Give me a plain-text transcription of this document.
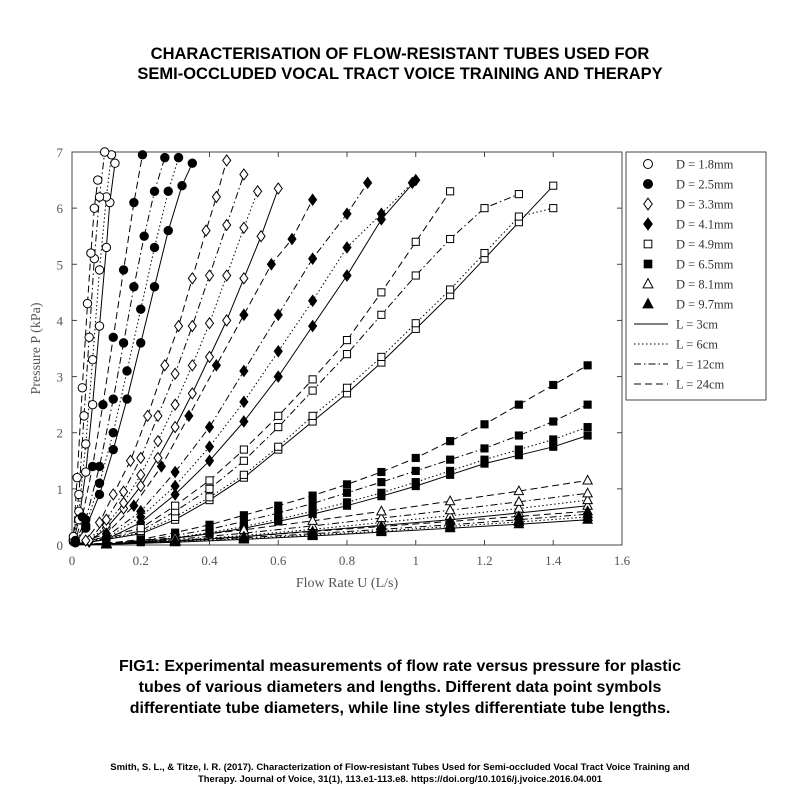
CHARACTERISATION OF FLOW-RESISTANT TUBES USED FOR
SEMI-OCCLUDED VOCAL TRACT VOICE TRAINING AND THERAPY
0	0.2	0.4	0.6	0.8	1	1.2	1.4	1.6
0
1
2
3
4
5
6
7
Flow Rate U (L/s)
Pressure P (kPa)
D = 1.8mm
D = 2.5mm
D = 3.3mm
D = 4.1mm
D = 4.9mm
D = 6.5mm
D = 8.1mm
D = 9.7mm
L = 3cm
L = 6cm
L = 12cm
L = 24cm
FIG1: Experimental measurements of flow rate versus pressure for plastic
tubes of various diameters and lengths. Different data point symbols
differentiate tube diameters, while line styles differentiate tube lengths.
Smith, S. L., & Titze, I. R. (2017). Characterization of Flow-resistant Tubes Used for Semi-occluded Vocal Tract Voice Training and
Therapy. Journal of Voice, 31(1), 113.e1-113.e8. https://doi.org/10.1016/j.jvoice.2016.04.001
